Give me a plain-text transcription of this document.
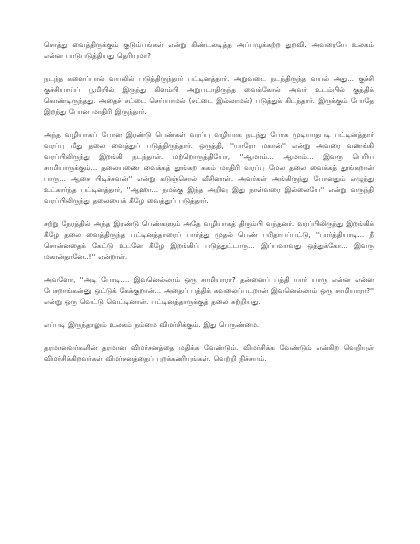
சொத்து வைத்திருக்கும் குடும்பங்கள் என்று கிண்டலடித்த அப்பழுக்கற்ற துறவி. அவரையே உலகம் என்ன பாடுபடுத்தியது தெரியுமா?

நடந்த களைப்பால் வயலில் படுத்திருந்தார் பட்டினத்தார். அறுவடை நடந்திருந்த வயல் அது... குச்சி குச்சியாய்ப் பூமியில் இருந்து கிளம்பி அறுபடாதிருந்த வைக்கோல் அவர் உடம்பில் குத்திக் கொண்டிருந்தது. அதைச் சட்டை செய்யாமல் (சட்டை இல்லாமல்) படுத்துக் கிடந்தார். இருக்கும் போதே இறந்து போன மாதிரி இருந்தார்.

அந்த வழியாகப் போன இரண்டு பெண்கள் வரப்பு வழியாக நடந்து போக முடியாதபடி பட்டினத்தார் வரப்பு மீது தலை வைத்துப் படுத்திருந்தார். ஒருத்தி, ''யாரோ மகான்'' என்று அவரை வணங்கி வரப்பிலிருந்து இறங்கி நடந்தாள். மற்றொருத்தியோ, ''ஆமாம்... ஆமாம்... இவரு பெரிய சாமியாருக்கும்... தலையணை வைக்கத் தூங்கற சுகம் மாதிரி வரப்பு மேல தலை வைக்கத் தூங்கறான் பாரு... ஆசை பிடிச்சவன்'' என்று கடுஞ்சொல் வீசினாள். அவர்கள் அங்கிருந்து போனதும் எழுந்து உட்கார்ந்த பட்டினத்தார், ''ஆஹா... நமக்கு இந்த அறிவு இது நாள்வரை இல்லையே'' என்று வருந்தி வரப்பிலிருந்து தலையைக் கீழே வைத்துப் படுத்தார்.

சற்று நேரத்தில் அந்த இரண்டு பெண்களும் அதே வழியாகத் திரும்பி வந்தனர். வரப்பிலிருந்து இறங்கிக் கீழே தலை வைத்திருந்த பட்டினத்தாரைப் பார்த்து முதல் பெண் பரிதாபப்பட்டு, ''பார்த்தியாடி... நீ சொன்னதைக் கேட்டு உடனே கீழே இறங்கிப் படுத்துட்டாரு... இப்பவாவது ஒத்துக்கோ... இவரு மகான்தானே..!'' என்றாள்.

அவளோ, ''அடி போடி.... இவனெல்லாம் ஒரு சாமியாரா? தன்னைப் பத்தி யார் யாரு என்ன என்ன பேசறாங்கன்னு ஒட்டுக் கேக்குறான்... அதைப் பத்திக் கவலைப்படறான் இவனெல்லாம் ஒரு சாமியாரா?'' என்று ஒரு வெட்டு வெட்டினாள். பட்டினத்தாருக்குத் தலை சுற்றியது.

எப்படி இருந்தாலும் உலகம் நம்மை விமர்சிக்கும். இது பெருண்மை.

தரமானவர்களின் தரமான விமர்சனத்தை மதிக்க வேண்டும். விமர்சிக்க வேண்டும் என்கிற வெறியுள் விமர்சிக்கிறவர்கள் விமர்சனத்தைப் புறக்கணியுங்கள். வெற்றி நிச்சயம்.
